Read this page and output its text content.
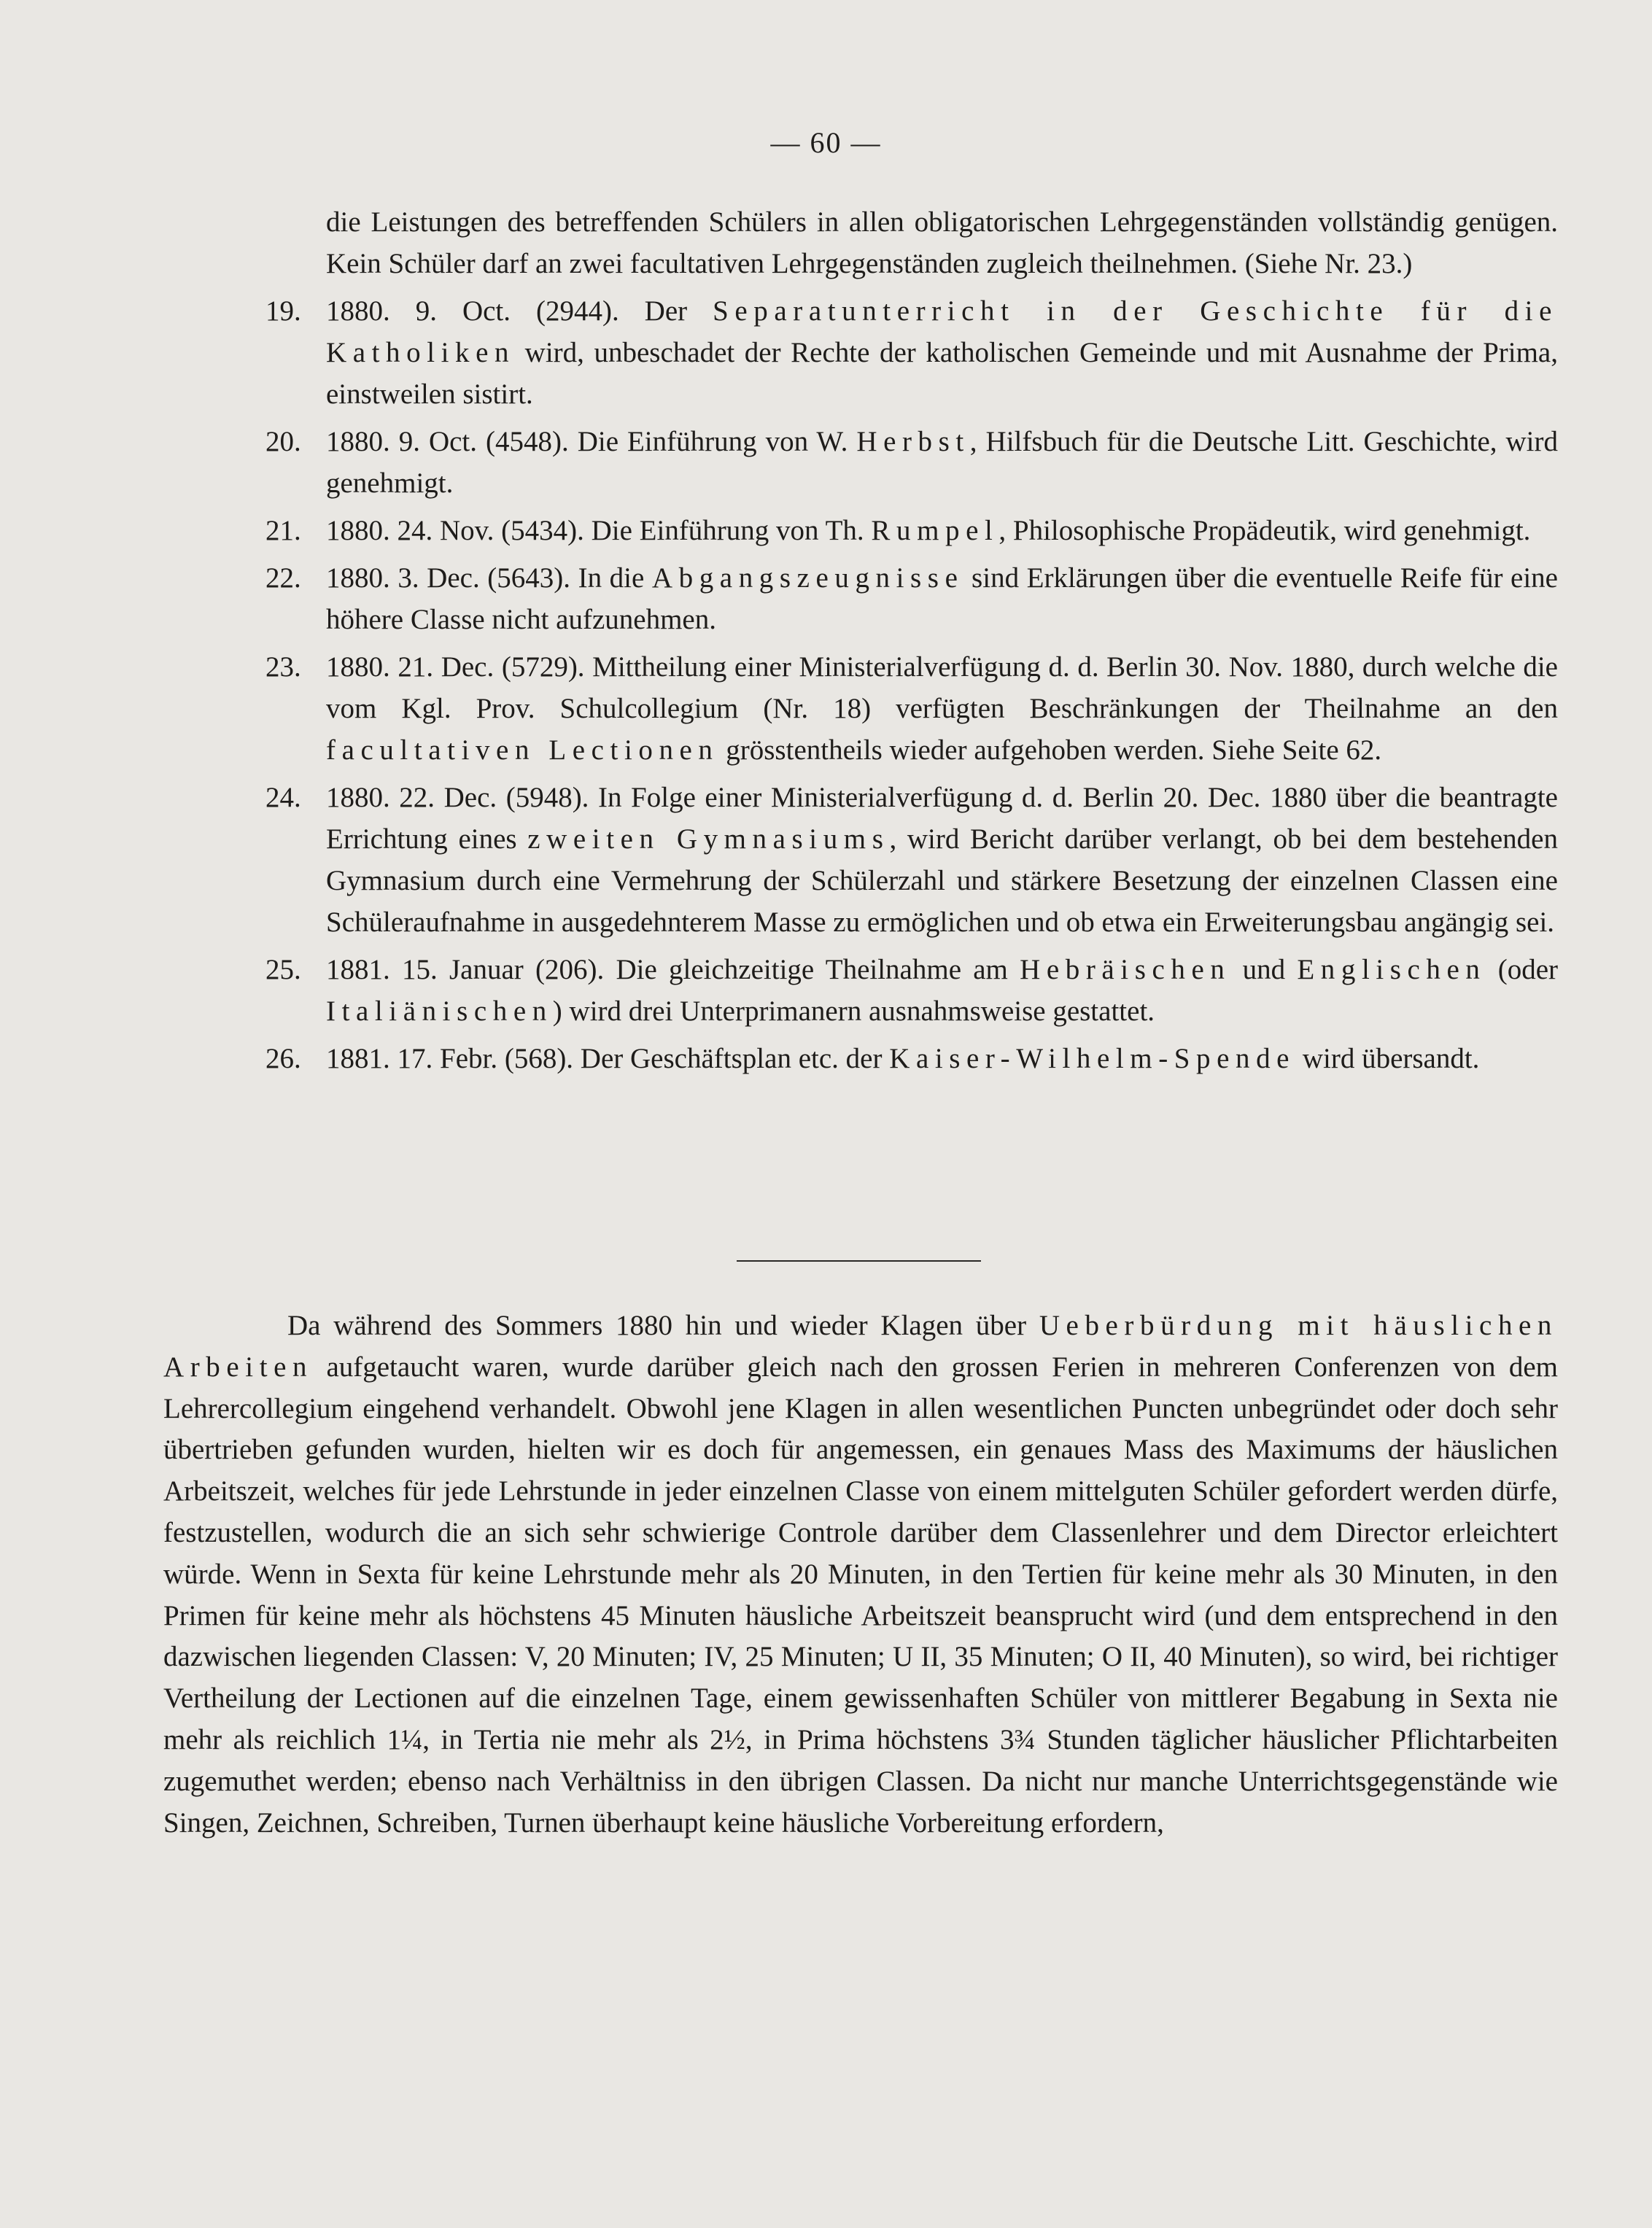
— 60 —
die Leistungen des betreffenden Schülers in allen obligatorischen Lehrgegenständen vollständig genügen. Kein Schüler darf an zwei facultativen Lehrgegenständen zugleich theilnehmen. (Siehe Nr. 23.)
19. 1880. 9. Oct. (2944). Der Separatunterricht in der Geschichte für die Katholiken wird, unbeschadet der Rechte der katholischen Gemeinde und mit Ausnahme der Prima, einstweilen sistirt.
20. 1880. 9. Oct. (4548). Die Einführung von W. Herbst, Hilfsbuch für die Deutsche Litt. Geschichte, wird genehmigt.
21. 1880. 24. Nov. (5434). Die Einführung von Th. Rumpel, Philosophische Propädeutik, wird genehmigt.
22. 1880. 3. Dec. (5643). In die Abgangszeugnisse sind Erklärungen über die eventuelle Reife für eine höhere Classe nicht aufzunehmen.
23. 1880. 21. Dec. (5729). Mittheilung einer Ministerialverfügung d. d. Berlin 30. Nov. 1880, durch welche die vom Kgl. Prov. Schulcollegium (Nr. 18) verfügten Beschränkungen der Theilnahme an den facultativen Lectionen grösstentheils wieder aufgehoben werden. Siehe Seite 62.
24. 1880. 22. Dec. (5948). In Folge einer Ministerialverfügung d. d. Berlin 20. Dec. 1880 über die beantragte Errichtung eines zweiten Gymnasiums, wird Bericht darüber verlangt, ob bei dem bestehenden Gymnasium durch eine Vermehrung der Schülerzahl und stärkere Besetzung der einzelnen Classen eine Schüleraufnahme in ausgedehnterem Masse zu ermöglichen und ob etwa ein Erweiterungsbau angängig sei.
25. 1881. 15. Januar (206). Die gleichzeitige Theilnahme am Hebräischen und Englischen (oder Italiänischen) wird drei Unterprimanern ausnahmsweise gestattet.
26. 1881. 17. Febr. (568). Der Geschäftsplan etc. der Kaiser-Wilhelm-Spende wird übersandt.
Da während des Sommers 1880 hin und wieder Klagen über Ueberbürdung mit häuslichen Arbeiten aufgetaucht waren, wurde darüber gleich nach den grossen Ferien in mehreren Conferenzen von dem Lehrercollegium eingehend verhandelt. Obwohl jene Klagen in allen wesentlichen Puncten unbegründet oder doch sehr übertrieben gefunden wurden, hielten wir es doch für angemessen, ein genaues Mass des Maximums der häuslichen Arbeitszeit, welches für jede Lehrstunde in jeder einzelnen Classe von einem mittelguten Schüler gefordert werden dürfe, festzustellen, wodurch die an sich sehr schwierige Controle darüber dem Classenlehrer und dem Director erleichtert würde. Wenn in Sexta für keine Lehrstunde mehr als 20 Minuten, in den Tertien für keine mehr als 30 Minuten, in den Primen für keine mehr als höchstens 45 Minuten häusliche Arbeitszeit beansprucht wird (und dem entsprechend in den dazwischen liegenden Classen: V, 20 Minuten; IV, 25 Minuten; U II, 35 Minuten; O II, 40 Minuten), so wird, bei richtiger Vertheilung der Lectionen auf die einzelnen Tage, einem gewissenhaften Schüler von mittlerer Begabung in Sexta nie mehr als reichlich 1¼, in Tertia nie mehr als 2½, in Prima höchstens 3¾ Stunden täglicher häuslicher Pflichtarbeiten zugemuthet werden; ebenso nach Verhältniss in den übrigen Classen. Da nicht nur manche Unterrichtsgegenstände wie Singen, Zeichnen, Schreiben, Turnen überhaupt keine häusliche Vorbereitung erfordern,
